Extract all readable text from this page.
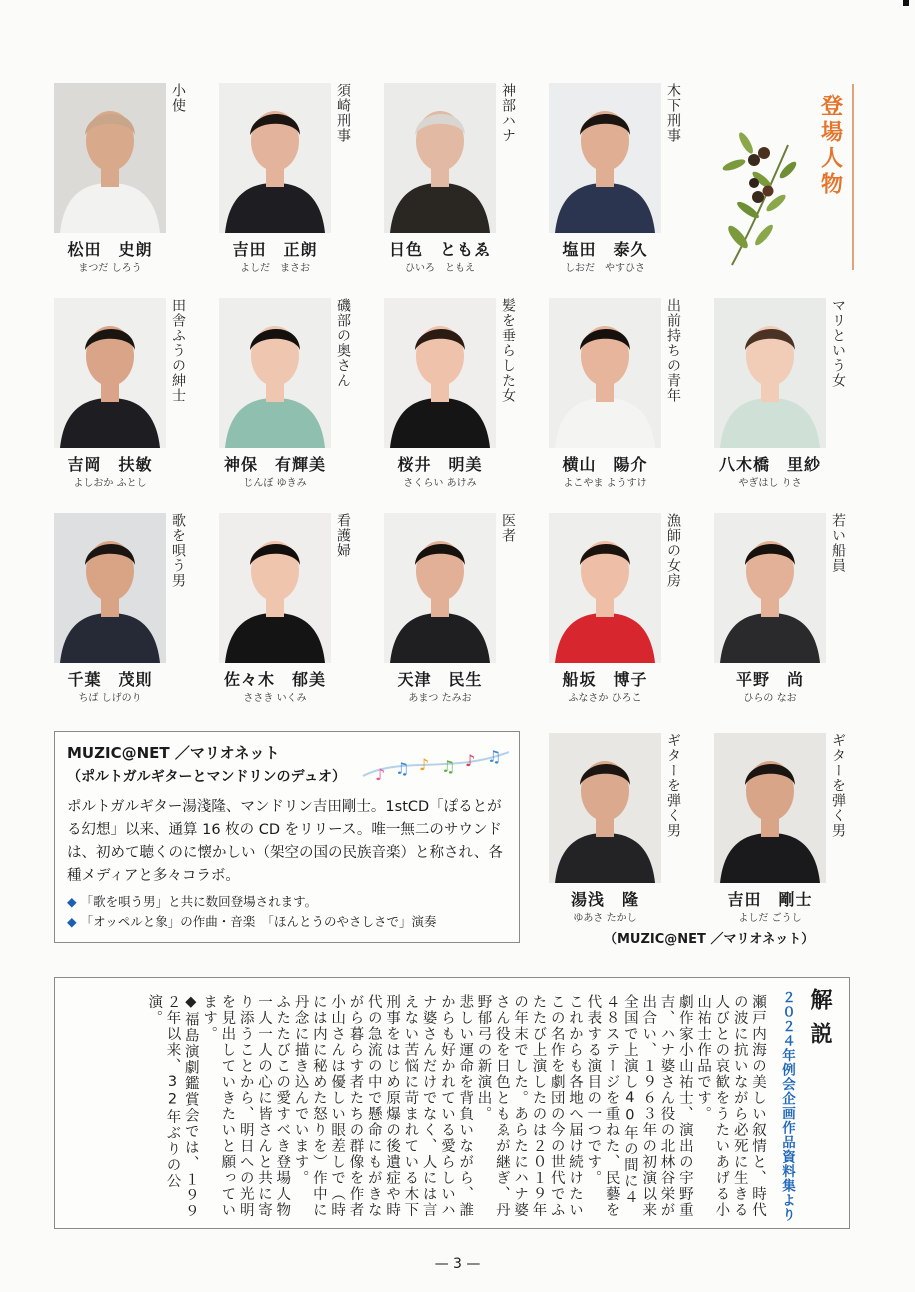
登場人物
小使
松田　史朗
まつだ しろう
須崎刑事
吉田　正朗
よしだ　まさお
神部ハナ
日色　ともゑ
ひいろ　ともえ
木下刑事
塩田　泰久
しおだ　やすひさ
田舎ふうの紳士
吉岡　扶敏
よしおか ふとし
磯部の奥さん
神保　有輝美
じんぼ ゆきみ
髪を垂らした女
桜井　明美
さくらい あけみ
出前持ちの青年
横山　陽介
よこやま ようすけ
マリという女
八木橋　里紗
やぎはし りさ
歌を唄う男
千葉　茂則
ちば しげのり
看護婦
佐々木　郁美
ささき いくみ
医者
天津　民生
あまつ たみお
漁師の女房
船坂　博子
ふなさか ひろこ
若い船員
平野　尚
ひらの なお
ギターを弾く男
湯浅　隆
ゆあさ たかし
ギターを弾く男
吉田　剛士
よしだ ごうし
MUZIC@NET ／マリオネット
（ポルトガルギターとマンドリンのデュオ） ♪ ♫ ♪ ♫ ♪ ♫
ポルトガルギター湯淺隆、マンドリン吉田剛士。1stCD「ぽるとがる幻想」以来、通算 16 枚の CD をリリース。唯一無二のサウンドは、初めて聴くのに懐かしい（架空の国の民族音楽）と称され、各種メディアと多々コラボ。
◆ 「歌を唄う男」と共に数回登場されます。
◆ 「オッペルと象」の作曲・音楽　「ほんとうのやさしさで」演奏
（MUZIC@NET ／マリオネット）
解説
２０２４年例会企画作品資料集より

瀬戸内海の美しい叙情と、時代の波に抗いながら必死に生きる人びとの哀歓をうたいあげる小山祐士作品です。

劇作家小山祐士、演出の宇野重吉、ハナ婆さん役の北林谷栄が出合い、１９６３年の初演以来全国で上演し40年の間に４４８ステージを重ねた、民藝を代表する演目の一つです。

これからも各地へ届け続けたいこの名作を劇団の今の世代でふたたび上演したのは２０１９年の年末でした。あらたにハナ婆さん役を日色ともゑが継ぎ、丹野郁弓の新演出。

悲しい運命を背負いながら、誰からも好かれている愛らしいハナ婆さんだけでなく、人には言えない苦悩に苛まれている木下刑事をはじめ原爆の後遺症や時代の急流の中で懸命にもがきながら暮らす者たちの群像を作者小山さんは優しい眼差しで（時には内に秘めた怒りを）作中に丹念に描き込んでいます。

ふたたびこの愛すべき登場人物一人一人の心に皆さんと共に寄り添うことから、明日への光明を見出していきたいと願っています。

◆福島演劇鑑賞会では、１９９２年以来、32年ぶりの公演。

— 3 —
